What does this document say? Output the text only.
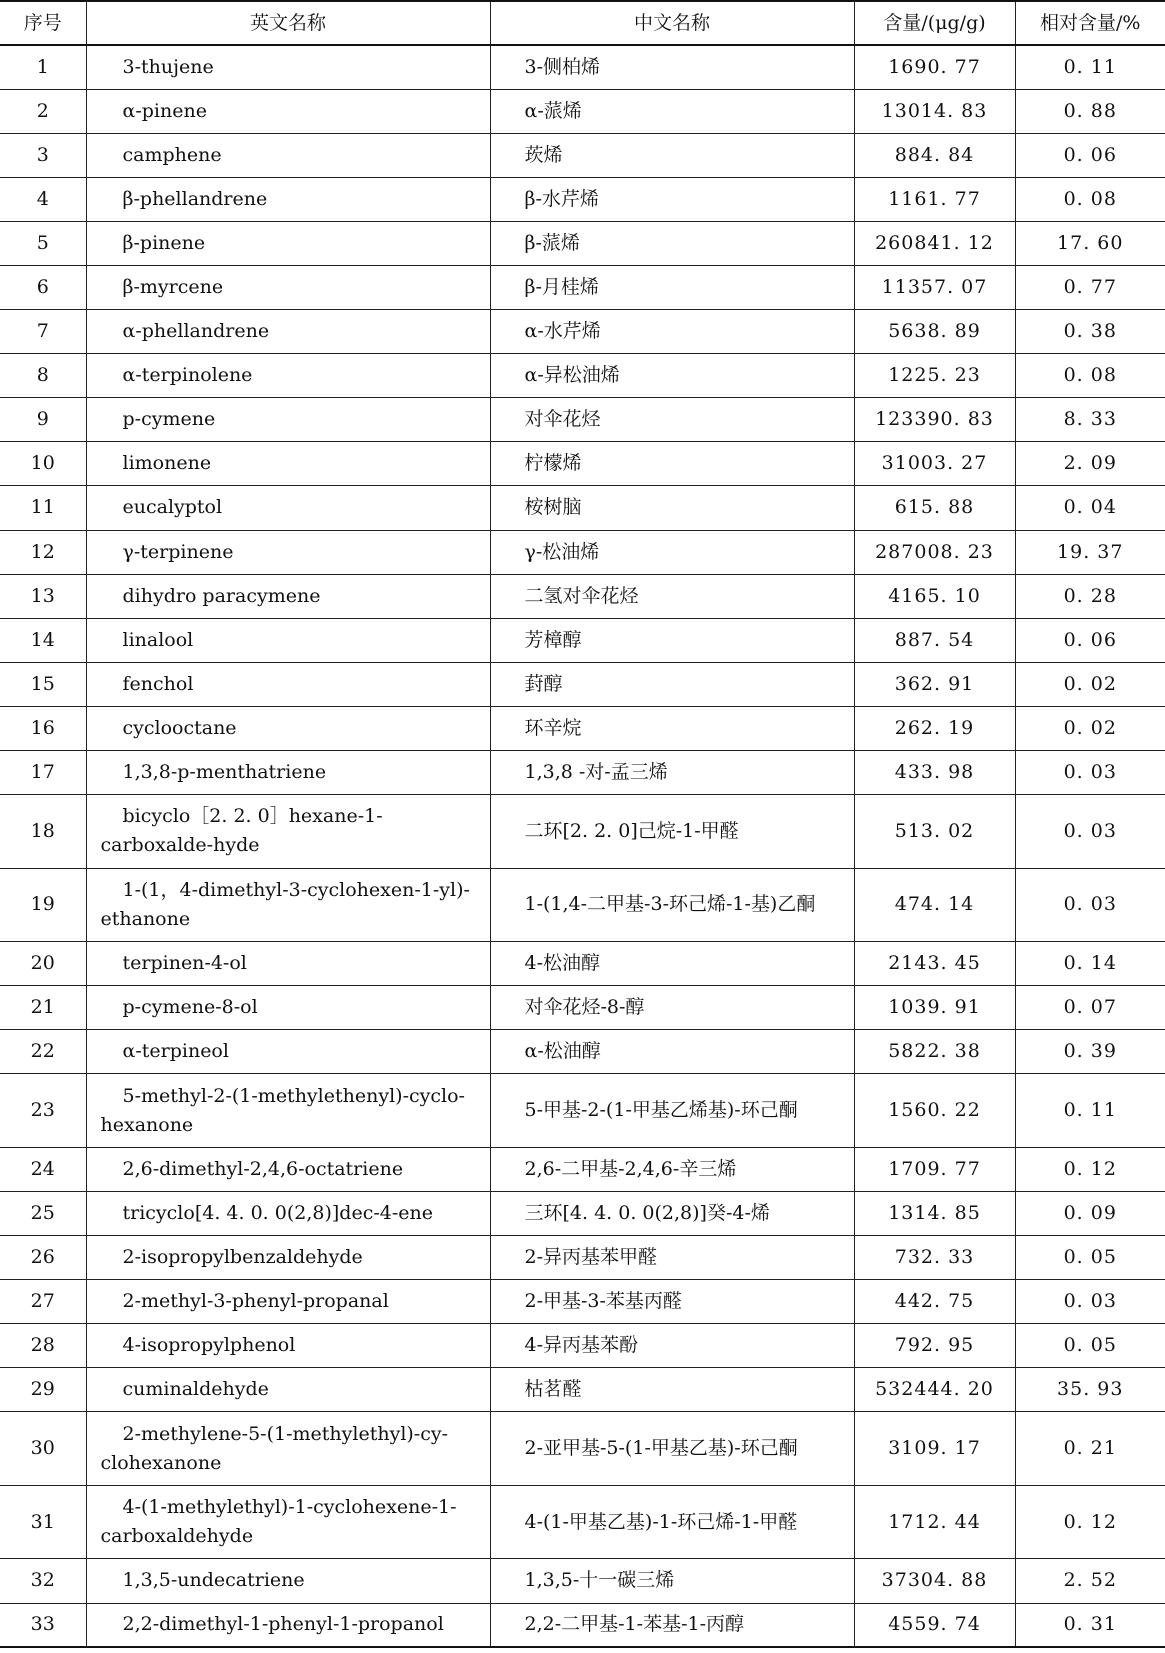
序号	英文名称	中文名称	含量/(μg/g)	相对含量/%
1	3-thujene	3-侧柏烯	1690. 77	0. 11
2	α-pinene	α-蒎烯	13014. 83	0. 88
3	camphene	莰烯	884. 84	0. 06
4	β-phellandrene	β-水芹烯	1161. 77	0. 08
5	β-pinene	β-蒎烯	260841. 12	17. 60
6	β-myrcene	β-月桂烯	11357. 07	0. 77
7	α-phellandrene	α-水芹烯	5638. 89	0. 38
8	α-terpinolene	α-异松油烯	1225. 23	0. 08
9	p-cymene	对伞花烃	123390. 83	8. 33
10	limonene	柠檬烯	31003. 27	2. 09
11	eucalyptol	桉树脑	615. 88	0. 04
12	γ-terpinene	γ-松油烯	287008. 23	19. 37
13	dihydro paracymene	二氢对伞花烃	4165. 10	0. 28
14	linalool	芳樟醇	887. 54	0. 06
15	fenchol	葑醇	362. 91	0. 02
16	cyclooctane	环辛烷	262. 19	0. 02
17	1,3,8-p-menthatriene	1,3,8 -对-孟三烯	433. 98	0. 03
18	bicyclo［2. 2. 0］hexane-1-carboxalde-hyde	二环[2. 2. 0]己烷-1-甲醛	513. 02	0. 03
19	1-(1，4-dimethyl-3-cyclohexen-1-yl)-ethanone	1-(1,4-二甲基-3-环己烯-1-基)乙酮	474. 14	0. 03
20	terpinen-4-ol	4-松油醇	2143. 45	0. 14
21	p-cymene-8-ol	对伞花烃-8-醇	1039. 91	0. 07
22	α-terpineol	α-松油醇	5822. 38	0. 39
23	5-methyl-2-(1-methylethenyl)-cyclo-hexanone	5-甲基-2-(1-甲基乙烯基)-环己酮	1560. 22	0. 11
24	2,6-dimethyl-2,4,6-octatriene	2,6-二甲基-2,4,6-辛三烯	1709. 77	0. 12
25	tricyclo[4. 4. 0. 0(2,8)]dec-4-ene	三环[4. 4. 0. 0(2,8)]癸-4-烯	1314. 85	0. 09
26	2-isopropylbenzaldehyde	2-异丙基苯甲醛	732. 33	0. 05
27	2-methyl-3-phenyl-propanal	2-甲基-3-苯基丙醛	442. 75	0. 03
28	4-isopropylphenol	4-异丙基苯酚	792. 95	0. 05
29	cuminaldehyde	枯茗醛	532444. 20	35. 93
30	2-methylene-5-(1-methylethyl)-cy-clohexanone	2-亚甲基-5-(1-甲基乙基)-环己酮	3109. 17	0. 21
31	4-(1-methylethyl)-1-cyclohexene-1-carboxaldehyde	4-(1-甲基乙基)-1-环己烯-1-甲醛	1712. 44	0. 12
32	1,3,5-undecatriene	1,3,5-十一碳三烯	37304. 88	2. 52
33	2,2-dimethyl-1-phenyl-1-propanol	2,2-二甲基-1-苯基-1-丙醇	4559. 74	0. 31
